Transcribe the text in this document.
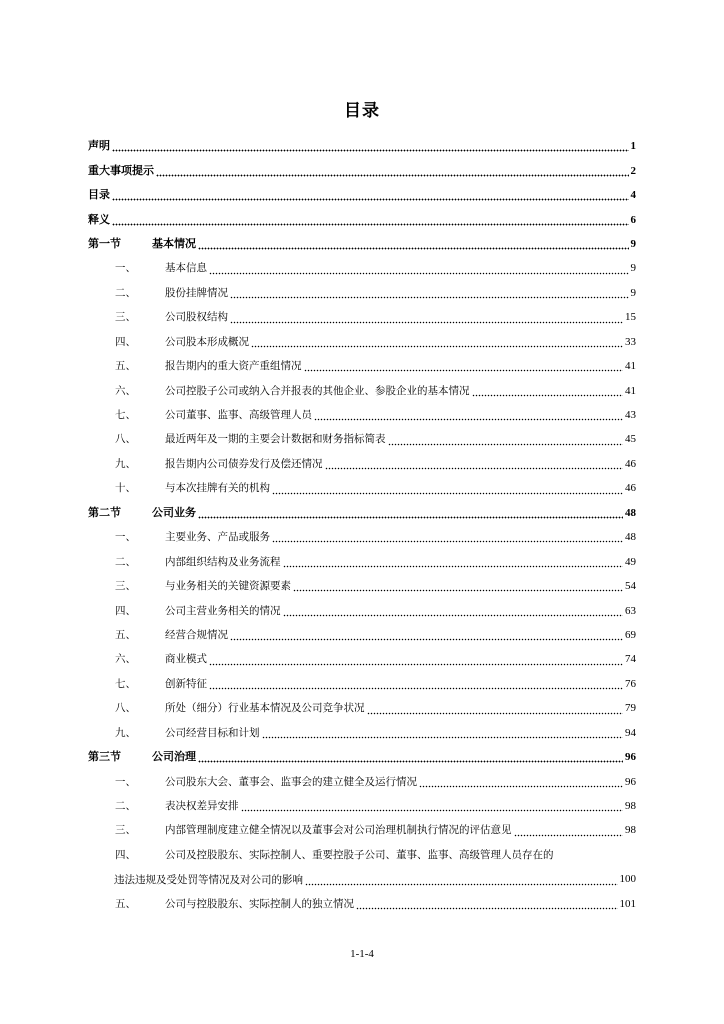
目录
声明	1
重大事项提示	2
目录	4
释义	6
第一节	基本情况	9
一、	基本信息	9
二、	股份挂牌情况	9
三、	公司股权结构	15
四、	公司股本形成概况	33
五、	报告期内的重大资产重组情况	41
六、	公司控股子公司或纳入合并报表的其他企业、参股企业的基本情况	41
七、	公司董事、监事、高级管理人员	43
八、	最近两年及一期的主要会计数据和财务指标简表	45
九、	报告期内公司债券发行及偿还情况	46
十、	与本次挂牌有关的机构	46
第二节	公司业务	48
一、	主要业务、产品或服务	48
二、	内部组织结构及业务流程	49
三、	与业务相关的关键资源要素	54
四、	公司主营业务相关的情况	63
五、	经营合规情况	69
六、	商业模式	74
七、	创新特征	76
八、	所处（细分）行业基本情况及公司竞争状况	79
九、	公司经营目标和计划	94
第三节	公司治理	96
一、	公司股东大会、董事会、监事会的建立健全及运行情况	96
二、	表决权差异安排	98
三、	内部管理制度建立健全情况以及董事会对公司治理机制执行情况的评估意见	98
四、	公司及控股股东、实际控制人、重要控股子公司、董事、监事、高级管理人员存在的
违法违规及受处罚等情况及对公司的影响	100
五、	公司与控股股东、实际控制人的独立情况	101
1-1-4
